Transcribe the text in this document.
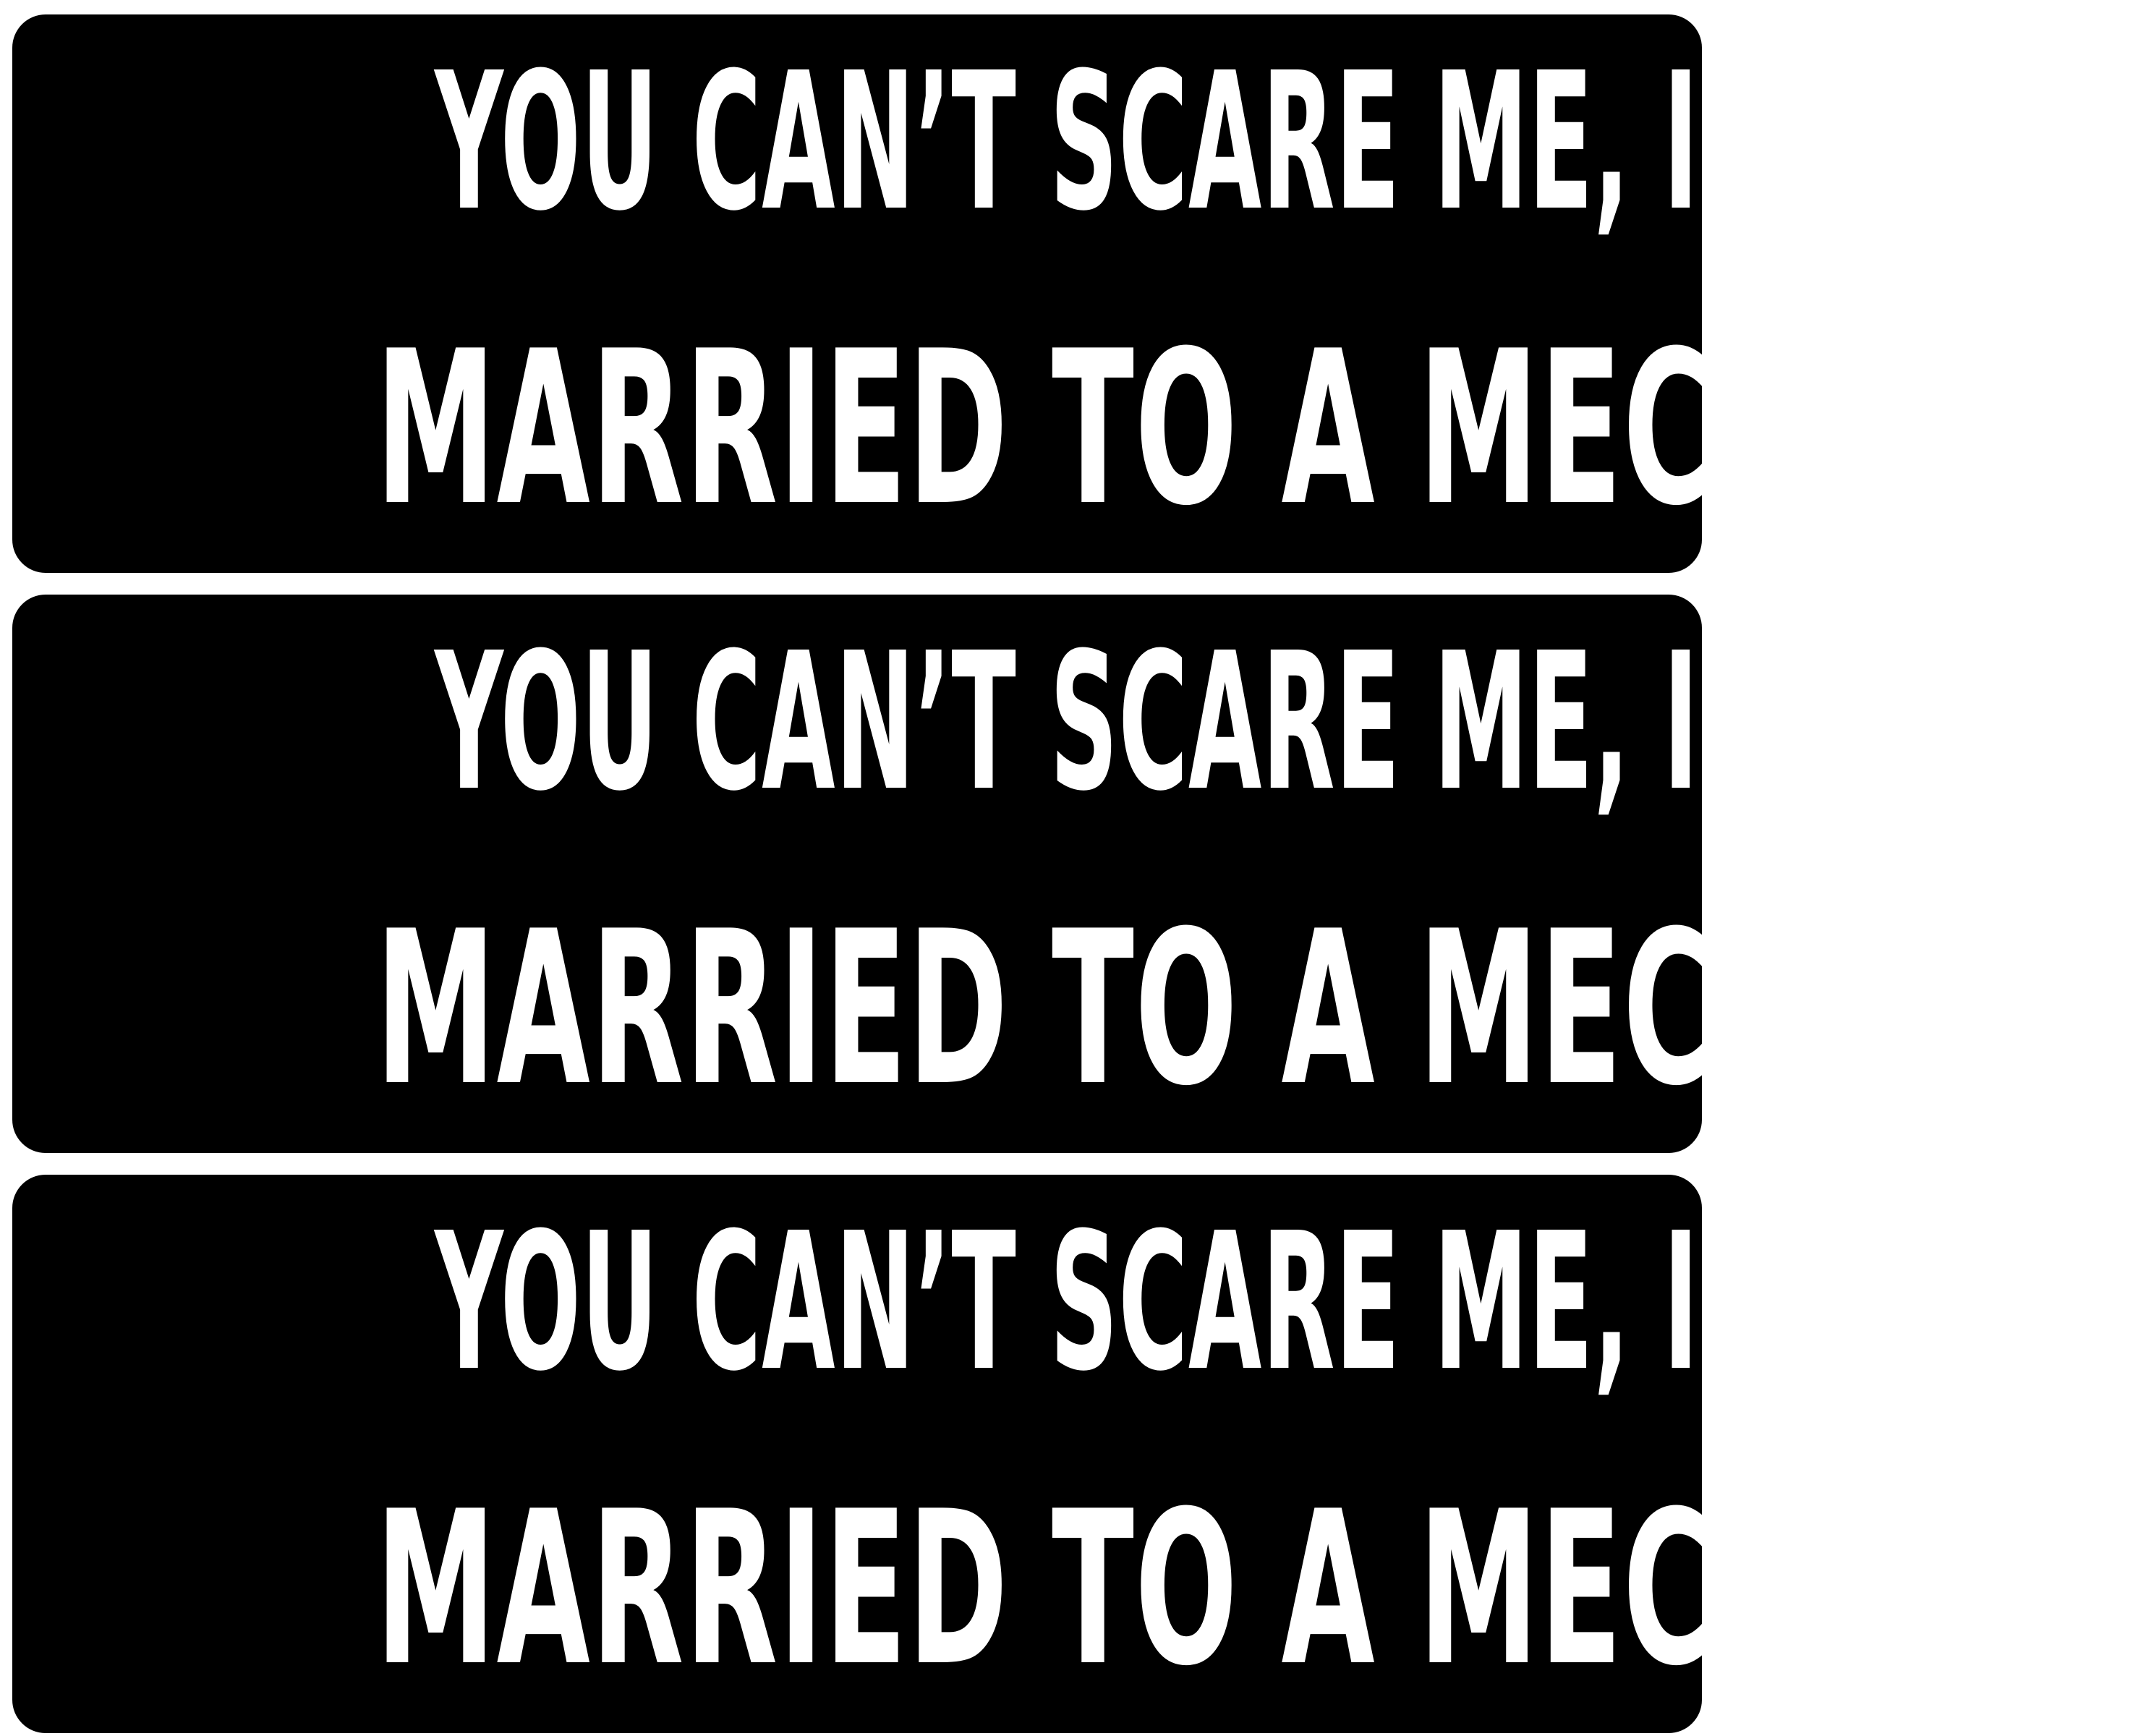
YOU CAN’T SCARE ME, I AM
MARRIED TO A MECHANIC
YOU CAN’T SCARE ME, I AM
MARRIED TO A MECHANIC
YOU CAN’T SCARE ME, I AM
MARRIED TO A MECHANIC
